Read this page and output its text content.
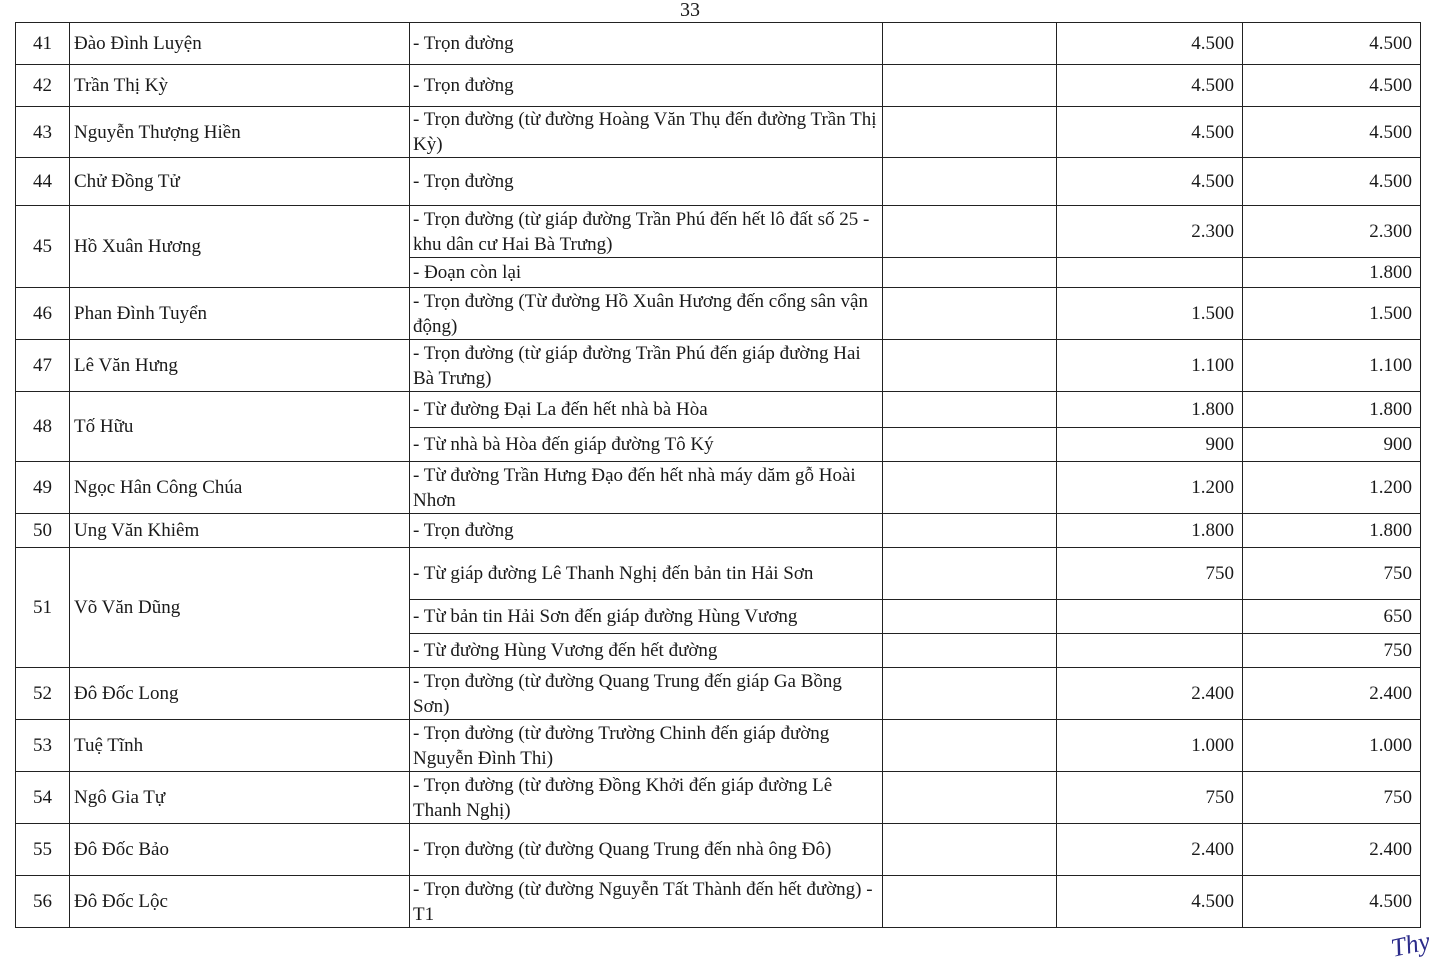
33
41	Đào Đình Luyện	- Trọn đường		4.500	4.500
42	Trần Thị Kỳ	- Trọn đường		4.500	4.500
43	Nguyễn Thượng Hiền	- Trọn đường (từ đường Hoàng Văn Thụ đến đường Trần Thị Kỳ)		4.500	4.500
44	Chử Đồng Tử	- Trọn đường		4.500	4.500
45	Hồ Xuân Hương	- Trọn đường (từ giáp đường Trần Phú đến hết lô đất số 25 - khu dân cư Hai Bà Trưng)		2.300	2.300
		- Đoạn còn lại			1.800
46	Phan Đình Tuyển	- Trọn đường (Từ đường Hồ Xuân Hương đến cổng sân vận động)		1.500	1.500
47	Lê Văn Hưng	- Trọn đường (từ giáp đường Trần Phú đến giáp đường Hai Bà Trưng)		1.100	1.100
48	Tố Hữu	- Từ đường Đại La đến hết nhà bà Hòa		1.800	1.800
		- Từ nhà bà Hòa đến giáp đường Tô Ký		900	900
49	Ngọc Hân Công Chúa	- Từ đường Trần Hưng Đạo đến hết nhà máy dăm gỗ Hoài Nhơn		1.200	1.200
50	Ung Văn Khiêm	- Trọn đường		1.800	1.800
51	Võ Văn Dũng	- Từ giáp đường Lê Thanh Nghị đến bản tin Hải Sơn		750	750
		- Từ bản tin Hải Sơn đến giáp đường Hùng Vương			650
		- Từ đường Hùng Vương đến hết đường			750
52	Đô Đốc Long	- Trọn đường (từ đường Quang Trung đến giáp Ga Bồng Sơn)		2.400	2.400
53	Tuệ Tĩnh	- Trọn đường (từ đường Trường Chinh đến giáp đường Nguyễn Đình Thi)		1.000	1.000
54	Ngô Gia Tự	- Trọn đường (từ đường Đồng Khởi đến giáp đường Lê Thanh Nghị)		750	750
55	Đô Đốc Bảo	- Trọn đường (từ đường Quang Trung đến nhà ông Đô)		2.400	2.400
56	Đô Đốc Lộc	- Trọn đường (từ đường Nguyễn Tất Thành đến hết đường) - T1		4.500	4.500
Thy
